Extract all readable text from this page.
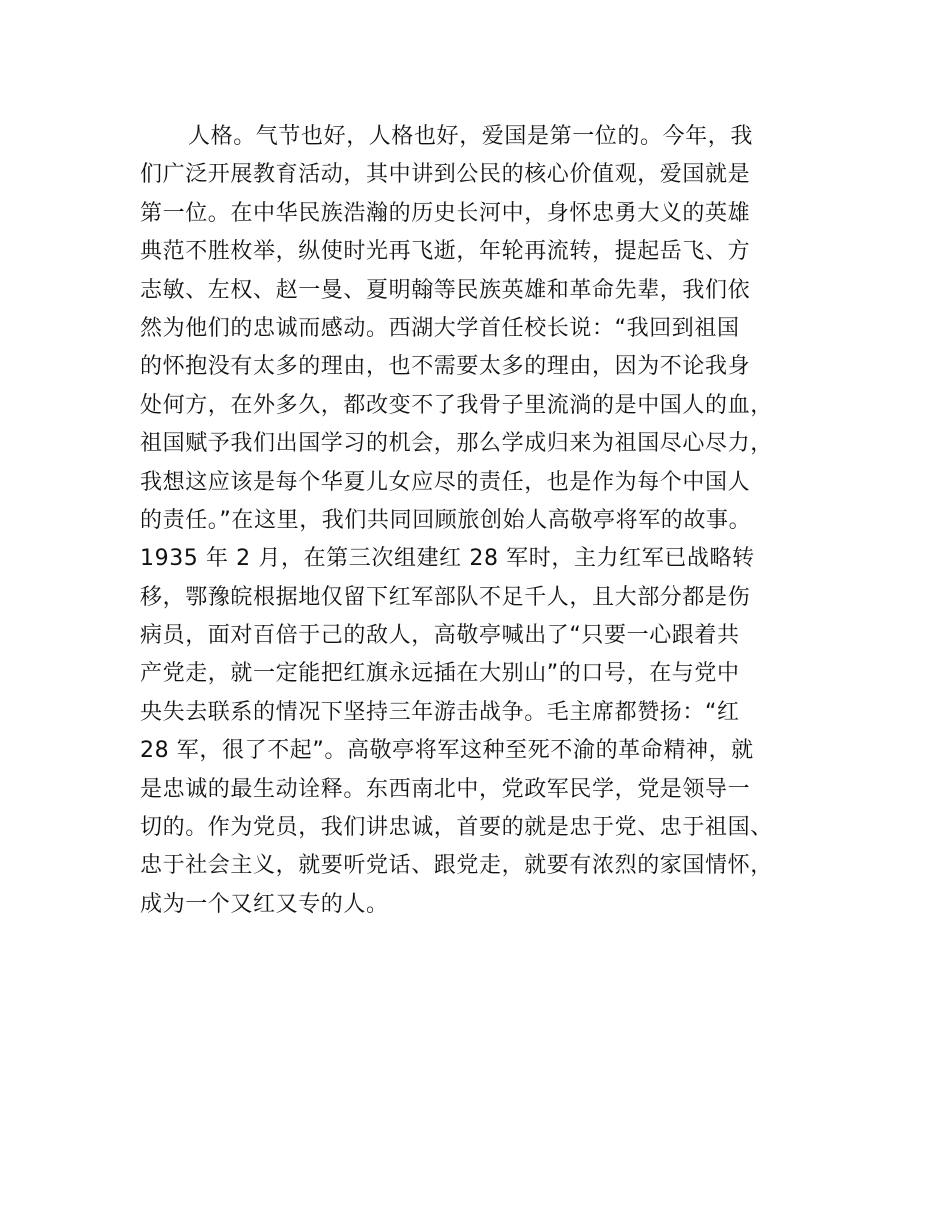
人格。气节也好，人格也好，爱国是第一位的。今年，我
们广泛开展教育活动，其中讲到公民的核心价值观，爱国就是
第一位。在中华民族浩瀚的历史长河中，身怀忠勇大义的英雄
典范不胜枚举，纵使时光再飞逝，年轮再流转，提起岳飞、方
志敏、左权、赵一曼、夏明翰等民族英雄和革命先辈，我们依
然为他们的忠诚而感动。西湖大学首任校长说：“我回到祖国
的怀抱没有太多的理由，也不需要太多的理由，因为不论我身
处何方，在外多久，都改变不了我骨子里流淌的是中国人的血，
祖国赋予我们出国学习的机会，那么学成归来为祖国尽心尽力，
我想这应该是每个华夏儿女应尽的责任，也是作为每个中国人
的责任。”在这里，我们共同回顾旅创始人高敬亭将军的故事。
1935 年 2 月，在第三次组建红 28 军时，主力红军已战略转
移，鄂豫皖根据地仅留下红军部队不足千人，且大部分都是伤
病员，面对百倍于己的敌人，高敬亭喊出了“只要一心跟着共
产党走，就一定能把红旗永远插在大别山”的口号，在与党中
央失去联系的情况下坚持三年游击战争。毛主席都赞扬：“红
28 军，很了不起”。高敬亭将军这种至死不渝的革命精神，就
是忠诚的最生动诠释。东西南北中，党政军民学，党是领导一
切的。作为党员，我们讲忠诚，首要的就是忠于党、忠于祖国、
忠于社会主义，就要听党话、跟党走，就要有浓烈的家国情怀，
成为一个又红又专的人。
